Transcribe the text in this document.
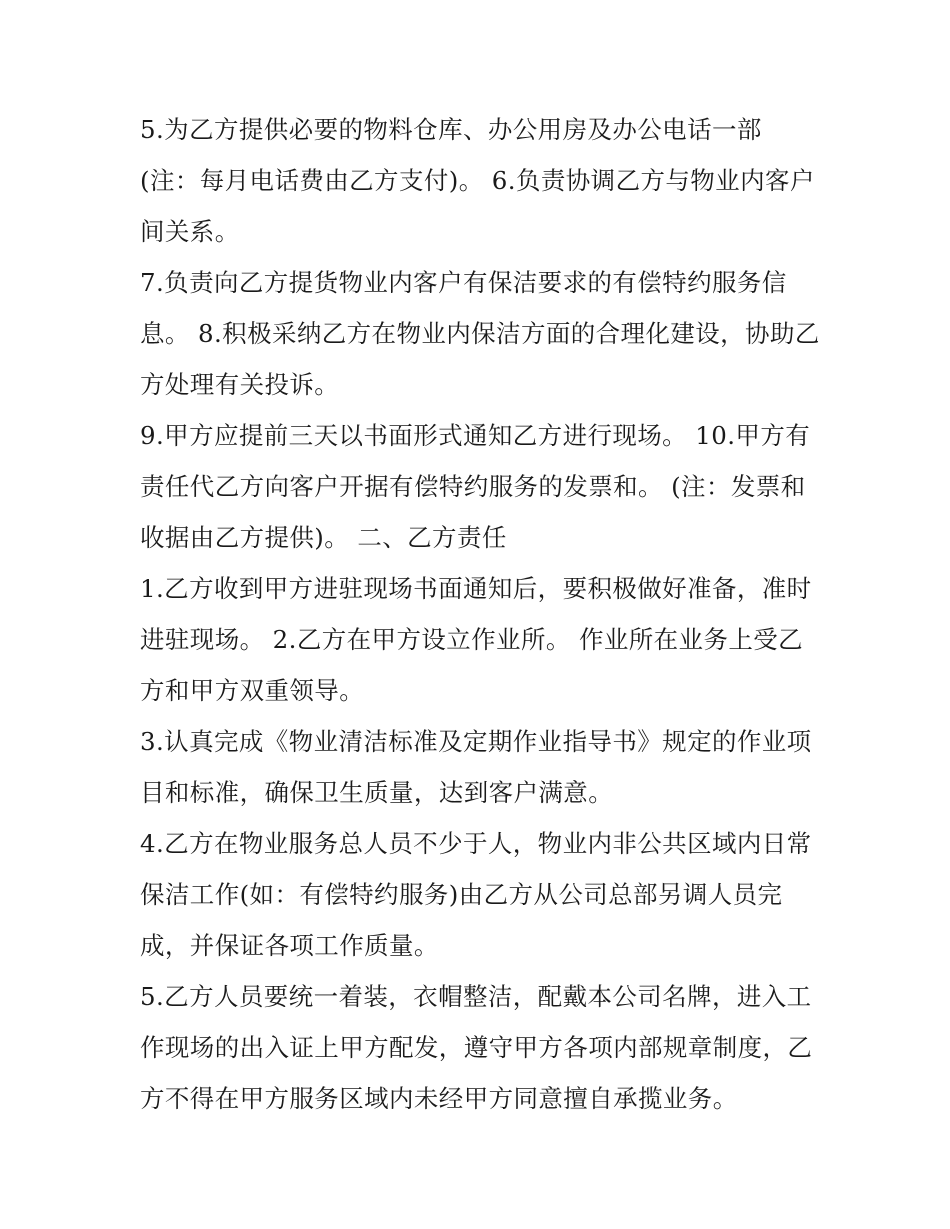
5.为乙方提供必要的物料仓库、办公用房及办公电话一部
(注：每月电话费由乙方支付)。 6.负责协调乙方与物业内客户
间关系。
7.负责向乙方提货物业内客户有保洁要求的有偿特约服务信
息。 8.积极采纳乙方在物业内保洁方面的合理化建设，协助乙
方处理有关投诉。
9.甲方应提前三天以书面形式通知乙方进行现场。 10.甲方有
责任代乙方向客户开据有偿特约服务的发票和。 (注：发票和
收据由乙方提供)。 二、乙方责任
1.乙方收到甲方进驻现场书面通知后，要积极做好准备，准时
进驻现场。 2.乙方在甲方设立作业所。 作业所在业务上受乙
方和甲方双重领导。
3.认真完成《物业清洁标准及定期作业指导书》规定的作业项
目和标准，确保卫生质量，达到客户满意。
4.乙方在物业服务总人员不少于人，物业内非公共区域内日常
保洁工作(如：有偿特约服务)由乙方从公司总部另调人员完
成，并保证各项工作质量。
5.乙方人员要统一着装，衣帽整洁，配戴本公司名牌，进入工
作现场的出入证上甲方配发，遵守甲方各项内部规章制度，乙
方不得在甲方服务区域内未经甲方同意擅自承揽业务。
